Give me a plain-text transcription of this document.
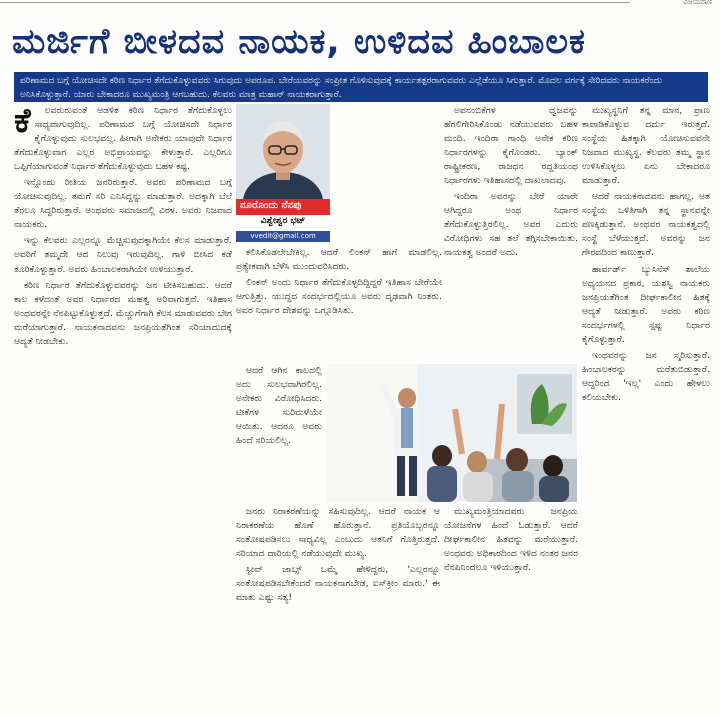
ವಿಜಯವಾಣಿ
ಮರ್ಜಿಗೆ ಬೀಳದವ ನಾಯಕ, ಉಳಿದವ ಹಿಂಬಾಲಕ
ಪರಿಣಾಮದ ಬಗ್ಗೆ ಯೋಚಿಸದೇ ಕಠಿಣ ನಿರ್ಧಾರ ತೆಗೆದುಕೊಳ್ಳುವವರು ಸಿಗುವುದು ಅಪರೂಪ. ಬೇರೆಯವರನ್ನು ಸಂಪ್ರೀತ ಗೊಳಿಸುವುದಕ್ಕೆ ಕಾರ್ಯತತ್ಪರರಾಗುವವರು ಎಲ್ಲೆಡೆಯೂ ಸಿಗುತ್ತಾರೆ. ಮೊದಲ ವರ್ಗಕ್ಕೆ ಸೇರಿದವರು ನಾಯಕರೆಂದು ಅನಿಸಿಕೊಳ್ಳುತ್ತಾರೆ. ಯಾರು ಬೇಕಾದರೂ ಮುಖ್ಯಮಂತ್ರಿ ಆಗಬಹುದು. ಕೆಲವರು ಮಾತ್ರ ಮಹಾನ್ ನಾಯಕರಾಗುತ್ತಾರೆ.
ಕೆ	ಲವರುರುವಂತೆ ಆಡಳಿತ ಕಠಿಣ ನಿರ್ಧಾರ ತೆಗೆದುಕೊಳ್ಳಲು ಸಾಧ್ಯವಾಗುವುದಿಲ್ಲ. ಪರಿಣಾಮದ ಬಗ್ಗೆ ಯೋಚಿಸದೇ ನಿರ್ಧಾರ ಕೈಗೊಳ್ಳುವುದು ಸುಲಭವಲ್ಲ. ಹೀಗಾಗಿ ಅನೇಕರು ಯಾವುದೇ ನಿರ್ಧಾರ ತೆಗೆದುಕೊಳ್ಳುವಾಗ ಎಲ್ಲರ ಅಭಿಪ್ರಾಯವನ್ನು ಕೇಳುತ್ತಾರೆ. ಎಲ್ಲರಿಗೂ ಒಪ್ಪಿಗೆಯಾಗುವಂತೆ ನಿರ್ಧಾರ ತೆಗೆದುಕೊಳ್ಳುವುದು ಬಹಳ ಕಷ್ಟ.

ಇನ್ನೊಂದು ರೀತಿಯ ಜನರಿರುತ್ತಾರೆ. ಅವರು ಪರಿಣಾಮದ ಬಗ್ಗೆ ಯೋಚಿಸುವುದಿಲ್ಲ. ತಮಗೆ ಸರಿ ಎನಿಸಿದ್ದನ್ನು ಮಾಡುತ್ತಾರೆ. ಅದಕ್ಕಾಗಿ ಬೆಲೆ ತೆರಲೂ ಸಿದ್ಧರಿರುತ್ತಾರೆ. ಅಂಥವರು ಸಮಾಜದಲ್ಲಿ ವಿರಳ. ಅವರು ನಿಜವಾದ ನಾಯಕರು.

ಇನ್ನು ಕೆಲವರು ಎಲ್ಲರನ್ನೂ ಮೆಚ್ಚಿಸುವುದಕ್ಕಾಗಿಯೇ ಕೆಲಸ ಮಾಡುತ್ತಾರೆ. ಅವರಿಗೆ ತಮ್ಮದೇ ಆದ ನಿಲುವು ಇರುವುದಿಲ್ಲ. ಗಾಳಿ ಬೀಸಿದ ಕಡೆ ತೂರಿಕೊಳ್ಳುತ್ತಾರೆ. ಅವರು ಹಿಂಬಾಲಕರಾಗಿಯೇ ಉಳಿಯುತ್ತಾರೆ.

ಕಠಿಣ ನಿರ್ಧಾರ ತೆಗೆದುಕೊಳ್ಳುವವರನ್ನು ಜನ ಟೀಕಿಸಬಹುದು. ಆದರೆ ಕಾಲ ಕಳೆದಂತೆ ಅವರ ನಿರ್ಧಾರದ ಮಹತ್ವ ಅರಿವಾಗುತ್ತದೆ. ಇತಿಹಾಸ ಅಂಥವರನ್ನೇ ನೆನಪಿಟ್ಟುಕೊಳ್ಳುತ್ತದೆ. ಮೆಚ್ಚುಗೆಗಾಗಿ ಕೆಲಸ ಮಾಡುವವರು ಬೇಗ ಮರೆಯಾಗುತ್ತಾರೆ. ನಾಯಕನಾದವನು ಜನಪ್ರಿಯತೆಗಿಂತ ಸರಿಯಾದುದಕ್ಕೆ ಆದ್ಯತೆ ನೀಡಬೇಕು.

ನೂರೊಂದು ನೆನಪು
ವಿಶ್ವೇಶ್ವರ ಭಟ್
vvedit@gmail.com

ಕಲಿಸಿಕೊಡಲೇಬೇಕಿಲ್ಲ. ಆದರೆ ಲಿಂಕನ್ ಹಾಗೆ ಮಾಡಲಿಲ್ಲ. ಪ್ರತ್ಯೇಕವಾಗಿ ಬೆಳೆಸಿ ಮುಂದುವರಿಸಿದರು.

ಲಿಂಕನ್ ಅಂದು ನಿರ್ಧಾರ ತೆಗೆದುಕೊಳ್ಳದಿದ್ದಿದ್ದರೆ ಇತಿಹಾಸ ಬೇರೆಯೇ ಆಗುತ್ತಿತ್ತು. ಯುದ್ಧದ ಸಂದರ್ಭದಲ್ಲಿಯೂ ಅವರು ದೃಢವಾಗಿ ನಿಂತರು. ಅವರ ನಿರ್ಧಾರ ದೇಶವನ್ನು ಒಗ್ಗೂಡಿಸಿತು.

ಆದರೆ ಆಗಿನ ಕಾಲದಲ್ಲಿ ಅದು ಸುಲಭವಾಗಿರಲಿಲ್ಲ. ಅನೇಕರು ವಿರೋಧಿಸಿದರು. ಟೀಕೆಗಳ ಸುರಿಮಳೆಯೇ ಆಯಿತು. ಆದರೂ ಅವರು ಹಿಂದೆ ಸರಿಯಲಿಲ್ಲ.

ಅಪನಂಬಿಕೆಗಳ ಧ್ವಜವನ್ನು ಹೆಗಲಿಗೇರಿಸಿಕೊಂಡು ನಡೆಯುವವರು ಬಹಳ ಮಂದಿ. ಇಂದಿರಾ ಗಾಂಧಿ ಅನೇಕ ಕಠಿಣ ನಿರ್ಧಾರಗಳನ್ನು ಕೈಗೊಂಡರು. ಬ್ಯಾಂಕ್ ರಾಷ್ಟ್ರೀಕರಣ, ರಾಜಧನ ರದ್ದತಿಯಂಥ ನಿರ್ಧಾರಗಳು ಇತಿಹಾಸದಲ್ಲಿ ದಾಖಲಾದವು.

ಇಂದಿರಾ ಅವರನ್ನು ಬೇರೆ ಯಾರೇ ಆಗಿದ್ದರೂ ಅಂಥ ನಿರ್ಧಾರ ತೆಗೆದುಕೊಳ್ಳುತ್ತಿರಲಿಲ್ಲ. ಅವರ ಎದುರು ವಿರೋಧಿಗಳು ಸಹ ತಲೆ ತಗ್ಗಿಸಬೇಕಾಯಿತು. ನಾಯಕತ್ವ ಅಂದರೆ ಅದು.

ಮುಖ್ಯಸ್ಥನಿಗೆ ತನ್ನ ಮಾನ, ಪ್ರಾಣ ಕಾಪಾಡಿಕೊಳ್ಳುವ ದರ್ದು ಇರುತ್ತದೆ. ಸಂಸ್ಥೆಯ ಹಿತಕ್ಕಾಗಿ ಯೋಚಿಸುವವನೇ ನಿಜವಾದ ಮುಖ್ಯಸ್ಥ. ಕೆಲವರು ತಮ್ಮ ಸ್ಥಾನ ಉಳಿಸಿಕೊಳ್ಳಲು ಏನು ಬೇಕಾದರೂ ಮಾಡುತ್ತಾರೆ.

ಆದರೆ ನಾಯಕನಾದವನು ಹಾಗಲ್ಲ. ಆತ ಸಂಸ್ಥೆಯ ಒಳಿತಿಗಾಗಿ ತನ್ನ ಸ್ಥಾನವನ್ನೇ ಪಣಕ್ಕಿಡುತ್ತಾನೆ. ಅಂಥವರ ನಾಯಕತ್ವದಲ್ಲಿ ಸಂಸ್ಥೆ ಬೆಳೆಯುತ್ತದೆ. ಅವರನ್ನು ಜನ ಗೌರವದಿಂದ ಕಾಣುತ್ತಾರೆ.

ಹಾರ್ವರ್ಡ್ ಬ್ಯುಸಿನೆಸ್ ಶಾಲೆಯ ಅಧ್ಯಯನದ ಪ್ರಕಾರ, ಯಶಸ್ವಿ ನಾಯಕರು ಜನಪ್ರಿಯತೆಗಿಂತ ದೀರ್ಘಕಾಲೀನ ಹಿತಕ್ಕೆ ಆದ್ಯತೆ ನೀಡುತ್ತಾರೆ. ಅವರು ಕಠಿಣ ಸಂದರ್ಭಗಳಲ್ಲಿ ಸ್ಪಷ್ಟ ನಿರ್ಧಾರ ಕೈಗೊಳ್ಳುತ್ತಾರೆ.

ಇಂಥವರನ್ನು ಜನ ಸ್ಮರಿಸುತ್ತಾರೆ. ಹಿಂಬಾಲಕರನ್ನು ಮರೆತುಬಿಡುತ್ತಾರೆ. ಆದ್ದರಿಂದ 'ಇಲ್ಲ' ಎಂದು ಹೇಳಲು ಕಲಿಯಬೇಕು.

ಜನರು ನಿರಾಕರಣೆಯನ್ನು ಸಹಿಸುವುದಿಲ್ಲ. ಆದರೆ ನಾಯಕ ಆ ನಿರಾಕರಣೆಯ ಹೊಣೆ ಹೊರುತ್ತಾನೆ. ಪ್ರತಿಯೊಬ್ಬರನ್ನೂ ಸಂತೋಷಪಡಿಸಲು ಸಾಧ್ಯವಿಲ್ಲ ಎಂಬುದು ಆತನಿಗೆ ಗೊತ್ತಿರುತ್ತದೆ. ಸರಿಯಾದ ದಾರಿಯಲ್ಲಿ ನಡೆಯುವುದೇ ಮುಖ್ಯ.

ಸ್ಟೀವ್ ಜಾಬ್ಸ್ ಒಮ್ಮೆ ಹೇಳಿದ್ದರು, 'ಎಲ್ಲರನ್ನೂ ಸಂತೋಷಪಡಿಸಬೇಕೆಂದರೆ ನಾಯಕನಾಗಬೇಡ, ಐಸ್‌ಕ್ರೀಂ ಮಾರು.' ಈ ಮಾತು ಎಷ್ಟು ಸತ್ಯ!

ಮುಖ್ಯಮಂತ್ರಿಯಾದವರು ಜನಪ್ರಿಯ ಯೋಜನೆಗಳ ಹಿಂದೆ ಓಡುತ್ತಾರೆ. ಆದರೆ ದೀರ್ಘಕಾಲೀನ ಹಿತವನ್ನು ಮರೆಯುತ್ತಾರೆ. ಅಂಥವರು ಅಧಿಕಾರದಿಂದ ಇಳಿದ ನಂತರ ಜನರ ನೆನಪಿನಿಂದಲೂ ಇಳಿಯುತ್ತಾರೆ.
